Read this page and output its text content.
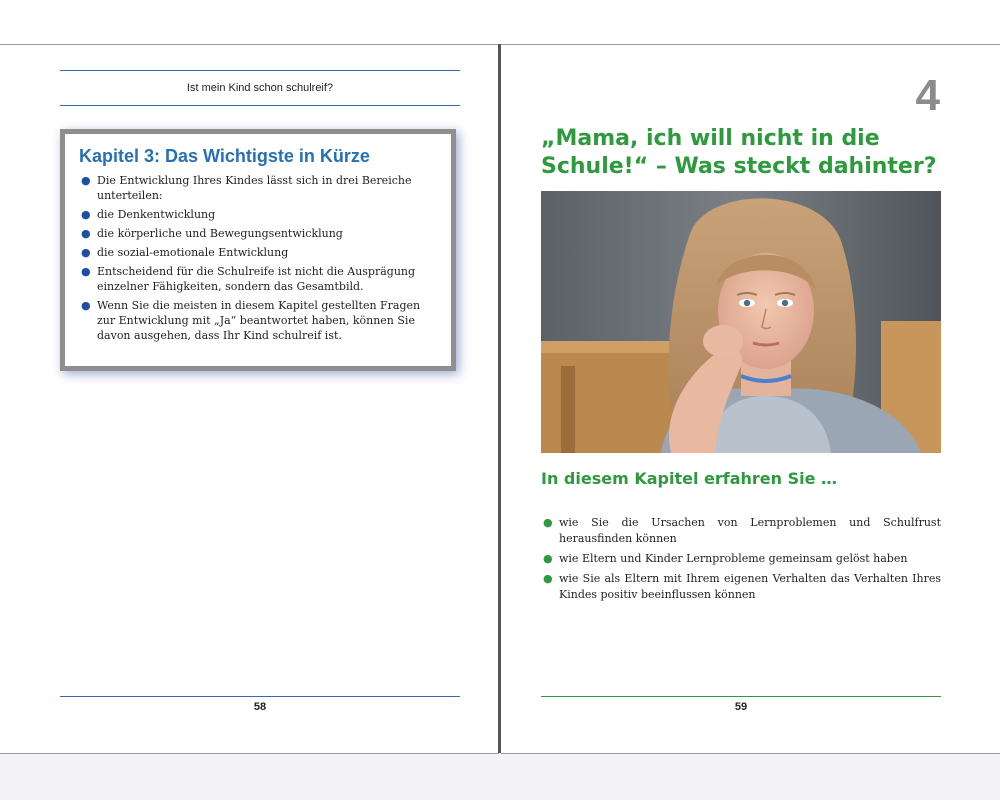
Ist mein Kind schon schulreif?
Kapitel 3: Das Wichtigste in Kürze
● Die Entwicklung Ihres Kindes lässt sich in drei Bereiche unterteilen:
● die Denkentwicklung
● die körperliche und Bewegungsentwicklung
● die sozial-emotionale Entwicklung
● Entscheidend für die Schulreife ist nicht die Ausprägung einzelner Fähigkeiten, sondern das Gesamtbild.
● Wenn Sie die meisten in diesem Kapitel gestellten Fragen zur Entwicklung mit „Ja“ beantwortet haben, können Sie davon ausgehen, dass Ihr Kind schulreif ist.
58
4
„Mama, ich will nicht in die Schule!“ – Was steckt dahinter?
In diesem Kapitel erfahren Sie …
● wie Sie die Ursachen von Lernproblemen und Schulfrust herausfinden können
● wie Eltern und Kinder Lernprobleme gemeinsam gelöst haben
● wie Sie als Eltern mit Ihrem eigenen Verhalten das Verhalten Ihres Kindes positiv beeinflussen können
59
